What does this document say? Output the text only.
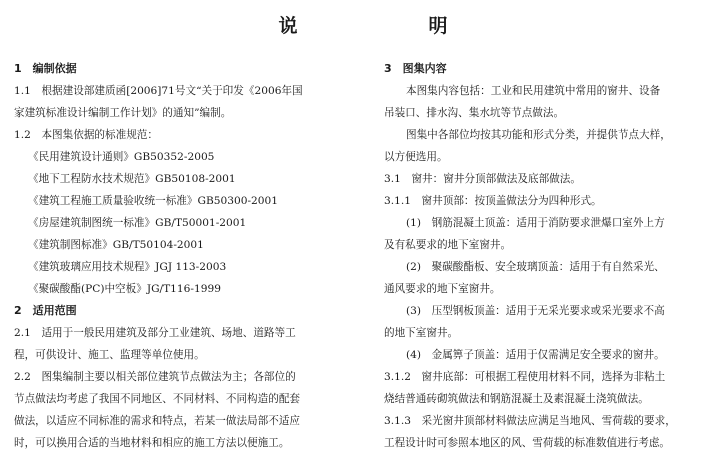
说　明
1　编制依据
1.1　根据建设部建质函[2006]71号文“关于印发《2006年国
家建筑标准设计编制工作计划》的通知”编制。
1.2　本图集依据的标准规范：
《民用建筑设计通则》GB50352-2005
《地下工程防水技术规范》GB50108-2001
《建筑工程施工质量验收统一标准》GB50300-2001
《房屋建筑制图统一标准》GB/T50001-2001
《建筑制图标准》GB/T50104-2001
《建筑玻璃应用技术规程》JGJ 113-2003
《聚碳酸酯(PC)中空板》JG/T116-1999
2　适用范围
2.1　适用于一般民用建筑及部分工业建筑、场地、道路等工
程，可供设计、施工、监理等单位使用。
2.2　图集编制主要以相关部位建筑节点做法为主；各部位的
节点做法均考虑了我国不同地区、不同材料、不同构造的配套
做法，以适应不同标准的需求和特点，若某一做法局部不适应
时，可以换用合适的当地材料和相应的施工方法以便施工。
3　图集内容
本图集内容包括：工业和民用建筑中常用的窗井、设备
吊装口、排水沟、集水坑等节点做法。
图集中各部位均按其功能和形式分类，并提供节点大样，
以方便选用。
3.1　窗井：窗井分顶部做法及底部做法。
3.1.1　窗井顶部：按顶盖做法分为四种形式。
(1)　钢筋混凝土顶盖：适用于消防要求泄爆口室外上方
及有私要求的地下室窗井。
(2)　聚碳酸酯板、安全玻璃顶盖：适用于有自然采光、
通风要求的地下室窗井。
(3)　压型钢板顶盖：适用于无采光要求或采光要求不高
的地下室窗井。
(4)　金属箅子顶盖：适用于仅需满足安全要求的窗井。
3.1.2　窗井底部：可根据工程使用材料不同，选择为非粘土
烧结普通砖砌筑做法和钢筋混凝土及素混凝土浇筑做法。
3.1.3　采光窗井顶部材料做法应满足当地风、雪荷载的要求，
工程设计时可参照本地区的风、雪荷载的标准数值进行考虑。
